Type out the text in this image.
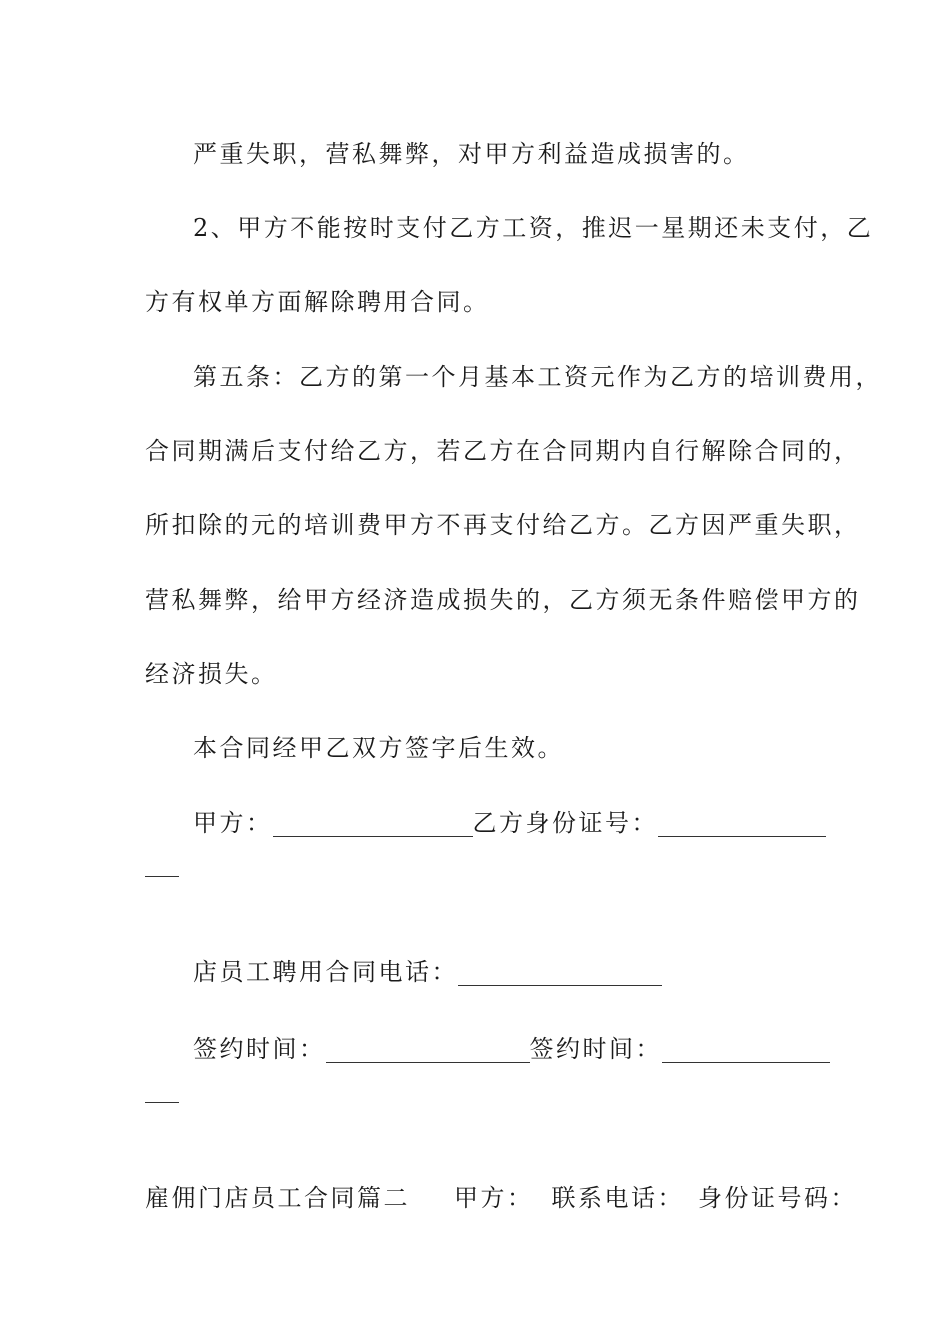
严重失职，营私舞弊，对甲方利益造成损害的。
2、甲方不能按时支付乙方工资，推迟一星期还未支付，乙
方有权单方面解除聘用合同。
第五条：乙方的第一个月基本工资元作为乙方的培训费用，
合同期满后支付给乙方，若乙方在合同期内自行解除合同的，
所扣除的元的培训费甲方不再支付给乙方。乙方因严重失职，
营私舞弊，给甲方经济造成损失的，乙方须无条件赔偿甲方的
经济损失。
本合同经甲乙双方签字后生效。
甲方：	乙方身份证号：
店员工聘用合同电话：
签约时间：	签约时间：
雇佣门店员工合同篇二 甲方： 联系电话： 身份证号码：
